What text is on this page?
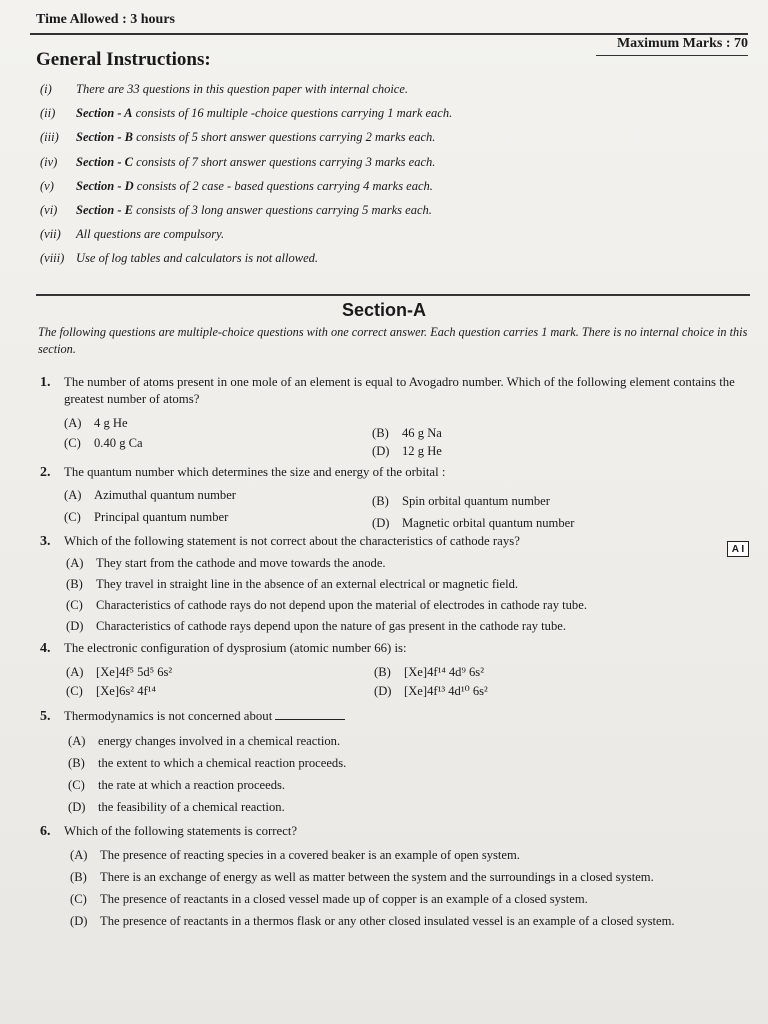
Time Allowed : 3 hours
Maximum Marks : 70
General Instructions:
(i)	There are 33 questions in this question paper with internal choice.
(ii)	Section - A consists of 16 multiple -choice questions carrying 1 mark each.
(iii)	Section - B consists of 5 short answer questions carrying 2 marks each.
(iv)	Section - C consists of 7 short answer questions carrying 3 marks each.
(v)	Section - D consists of 2 case - based questions carrying 4 marks each.
(vi)	Section - E consists of 3 long answer questions carrying 5 marks each.
(vii)	All questions are compulsory.
(viii) Use of log tables and calculators is not allowed.
Section-A
The following questions are multiple-choice questions with one correct answer. Each question carries 1 mark. There is no internal choice in this section.
1. The number of atoms present in one mole of an element is equal to Avogadro number. Which of the following element contains the greatest number of atoms?
(A) 4 g He
(B) 46 g Na
(C) 0.40 g Ca
(D) 12 g He
2. The quantum number which determines the size and energy of the orbital :
(A) Azimuthal quantum number	(B) Spin orbital quantum number
(C) Principal quantum number	(D) Magnetic orbital quantum number
3. Which of the following statement is not correct about the characteristics of cathode rays?
A I
(A) They start from the cathode and move towards the anode.
(B) They travel in straight line in the absence of an external electrical or magnetic field.
(C) Characteristics of cathode rays do not depend upon the material of electrodes in cathode ray tube.
(D) Characteristics of cathode rays depend upon the nature of gas present in the cathode ray tube.
4. The electronic configuration of dysprosium (atomic number 66) is:
(A) [Xe]4f⁵ 5d⁵ 6s²	(B) [Xe]4f¹⁴ 4d⁹ 6s²
(C) [Xe]6s² 4f¹⁴	(D) [Xe]4f¹³ 4d¹⁰ 6s²
5. Thermodynamics is not concerned about
(A) energy changes involved in a chemical reaction.
(B) the extent to which a chemical reaction proceeds.
(C) the rate at which a reaction proceeds.
(D) the feasibility of a chemical reaction.
6. Which of the following statements is correct?
(A) The presence of reacting species in a covered beaker is an example of open system.
(B) There is an exchange of energy as well as matter between the system and the surroundings in a closed system.
(C) The presence of reactants in a closed vessel made up of copper is an example of a closed system.
(D) The presence of reactants in a thermos flask or any other closed insulated vessel is an example of a closed system.
